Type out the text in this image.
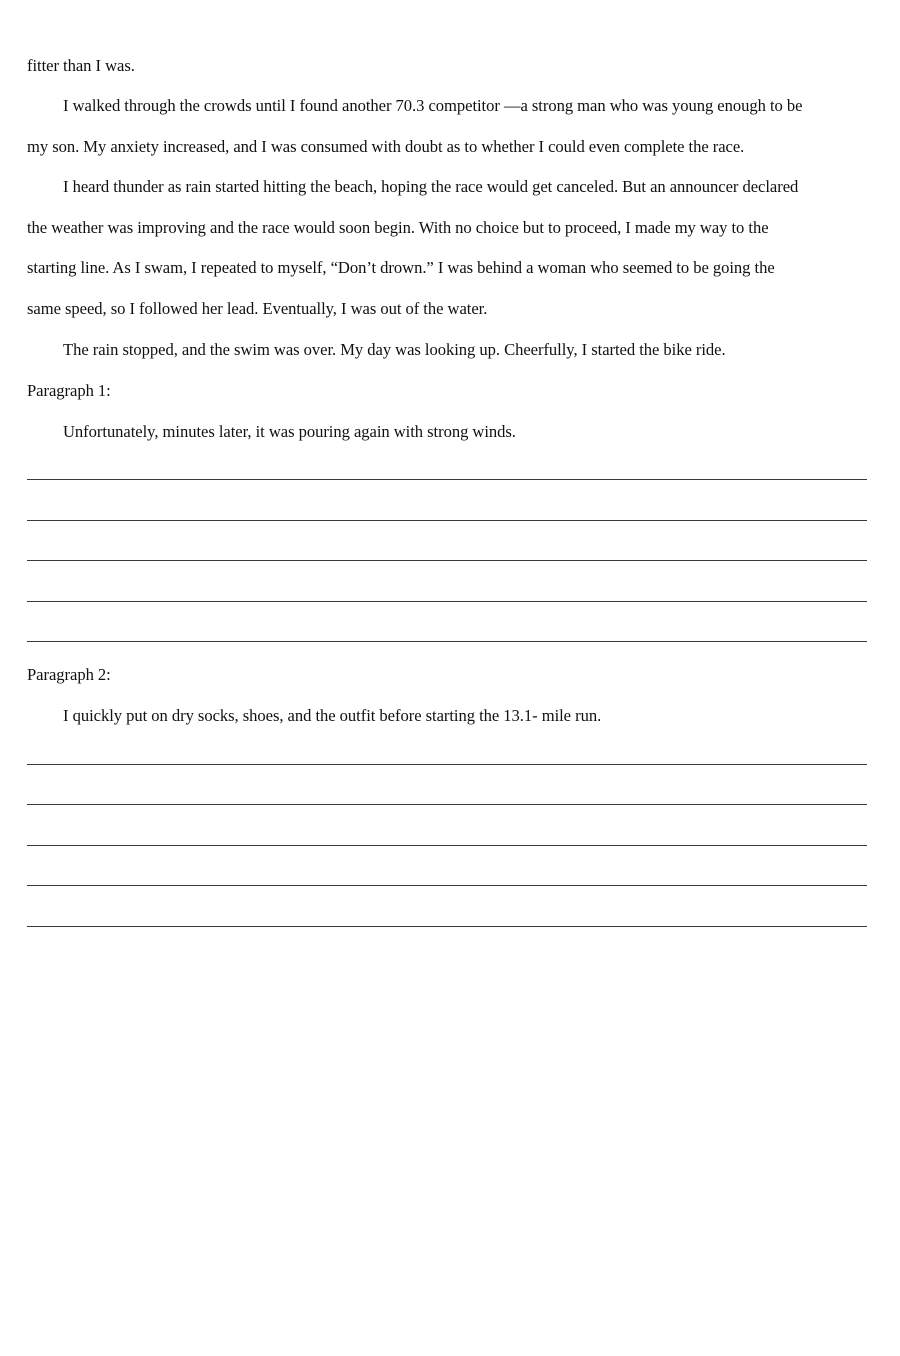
fitter than I was.
I walked through the crowds until I found another 70.3 competitor —a strong man who was young enough to be
my son. My anxiety increased, and I was consumed with doubt as to whether I could even complete the race.
I heard thunder as rain started hitting the beach, hoping the race would get canceled. But an announcer declared
the weather was improving and the race would soon begin. With no choice but to proceed, I made my way to the
starting line. As I swam, I repeated to myself, “Don’t drown.” I was behind a woman who seemed to be going the
same speed, so I followed her lead. Eventually, I was out of the water.
The rain stopped, and the swim was over. My day was looking up. Cheerfully, I started the bike ride.
Paragraph 1:
Unfortunately, minutes later, it was pouring again with strong winds.
Paragraph 2:
I quickly put on dry socks, shoes, and the outfit before starting the 13.1- mile run.
